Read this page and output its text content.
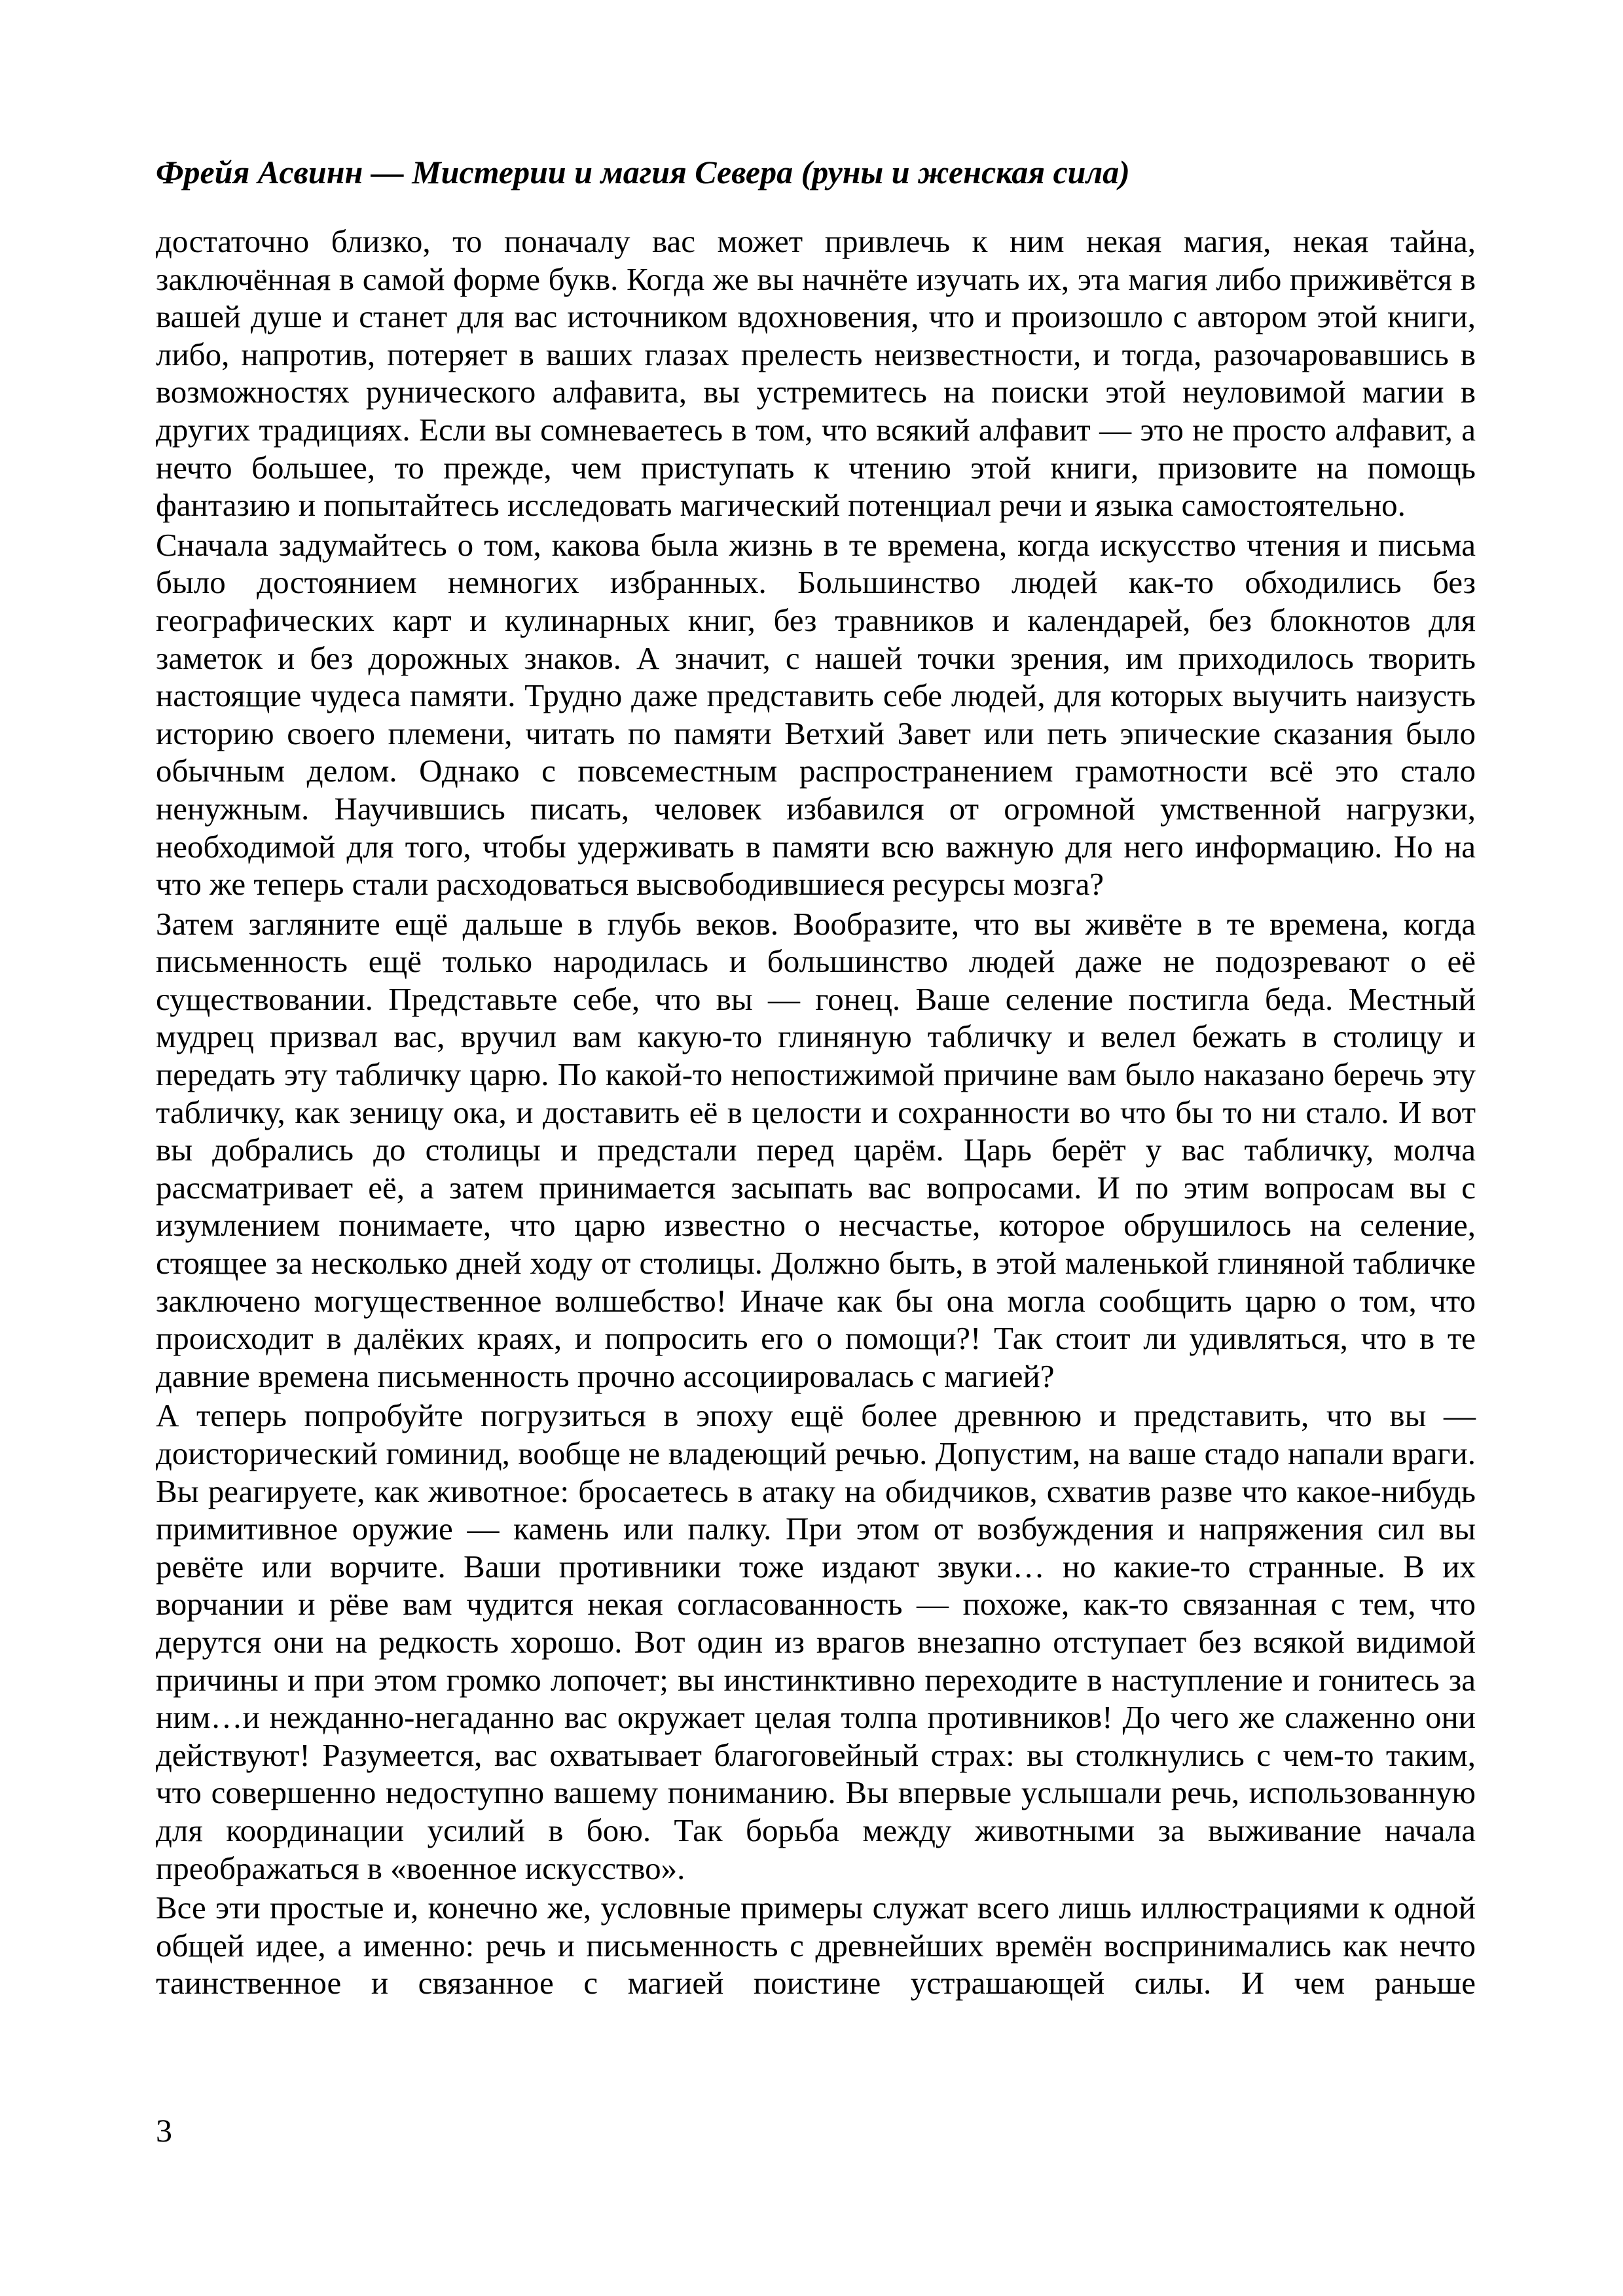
Фрейя Асвинн — Мистерии и магия Севера (руны и женская сила)

достаточно близко, то поначалу вас может привлечь к ним некая магия, некая тайна, заключённая в самой форме букв. Когда же вы начнёте изучать их, эта магия либо приживётся в вашей душе и станет для вас источником вдохновения, что и произошло с автором этой книги, либо, напротив, потеряет в ваших глазах прелесть неизвестности, и тогда, разочаровавшись в возможностях рунического алфавита, вы устремитесь на поиски этой неуловимой магии в других традициях. Если вы сомневаетесь в том, что всякий алфавит — это не просто алфавит, а нечто большее, то прежде, чем приступать к чтению этой книги, призовите на помощь фантазию и попытайтесь исследовать магический потенциал речи и языка самостоятельно.

Сначала задумайтесь о том, какова была жизнь в те времена, когда искусство чтения и письма было достоянием немногих избранных. Большинство людей как-то обходились без географических карт и кулинарных книг, без травников и календарей, без блокнотов для заметок и без дорожных знаков. А значит, с нашей точки зрения, им приходилось творить настоящие чудеса памяти. Трудно даже представить себе людей, для которых выучить наизусть историю своего племени, читать по памяти Ветхий Завет или петь эпические сказания было обычным делом. Однако с повсеместным распространением грамотности всё это стало ненужным. Научившись писать, человек избавился от огромной умственной нагрузки, необходимой для того, чтобы удерживать в памяти всю важную для него информацию. Но на что же теперь стали расходоваться высвободившиеся ресурсы мозга?

Затем загляните ещё дальше в глубь веков. Вообразите, что вы живёте в те времена, когда письменность ещё только народилась и большинство людей даже не подозревают о её существовании. Представьте себе, что вы — гонец. Ваше селение постигла беда. Местный мудрец призвал вас, вручил вам какую-то глиняную табличку и велел бежать в столицу и передать эту табличку царю. По какой-то непостижимой причине вам было наказано беречь эту табличку, как зеницу ока, и доставить её в целости и сохранности во что бы то ни стало. И вот вы добрались до столицы и предстали перед царём. Царь берёт у вас табличку, молча рассматривает её, а затем принимается засыпать вас вопросами. И по этим вопросам вы с изумлением понимаете, что царю известно о несчастье, которое обрушилось на селение, стоящее за несколько дней ходу от столицы. Должно быть, в этой маленькой глиняной табличке заключено могущественное волшебство! Иначе как бы она могла сообщить царю о том, что происходит в далёких краях, и попросить его о помощи?! Так стоит ли удивляться, что в те давние времена письменность прочно ассоциировалась с магией?

А теперь попробуйте погрузиться в эпоху ещё более древнюю и представить, что вы — доисторический гоминид, вообще не владеющий речью. Допустим, на ваше стадо напали враги. Вы реагируете, как животное: бросаетесь в атаку на обидчиков, схватив разве что какое-нибудь примитивное оружие — камень или палку. При этом от возбуждения и напряжения сил вы ревёте или ворчите. Ваши противники тоже издают звуки… но какие-то странные. В их ворчании и рёве вам чудится некая согласованность — похоже, как-то связанная с тем, что дерутся они на редкость хорошо. Вот один из врагов внезапно отступает без всякой видимой причины и при этом громко лопочет; вы инстинктивно переходите в наступление и гонитесь за ним…и нежданно-негаданно вас окружает целая толпа противников! До чего же слаженно они действуют! Разумеется, вас охватывает благоговейный страх: вы столкнулись с чем-то таким, что совершенно недоступно вашему пониманию. Вы впервые услышали речь, использованную для координации усилий в бою. Так борьба между животными за выживание начала преображаться в «военное искусство».

Все эти простые и, конечно же, условные примеры служат всего лишь иллюстрациями к одной общей идее, а именно: речь и письменность с древнейших времён воспринимались как нечто таинственное и связанное с магией поистине устрашающей силы. И чем раньше

3
